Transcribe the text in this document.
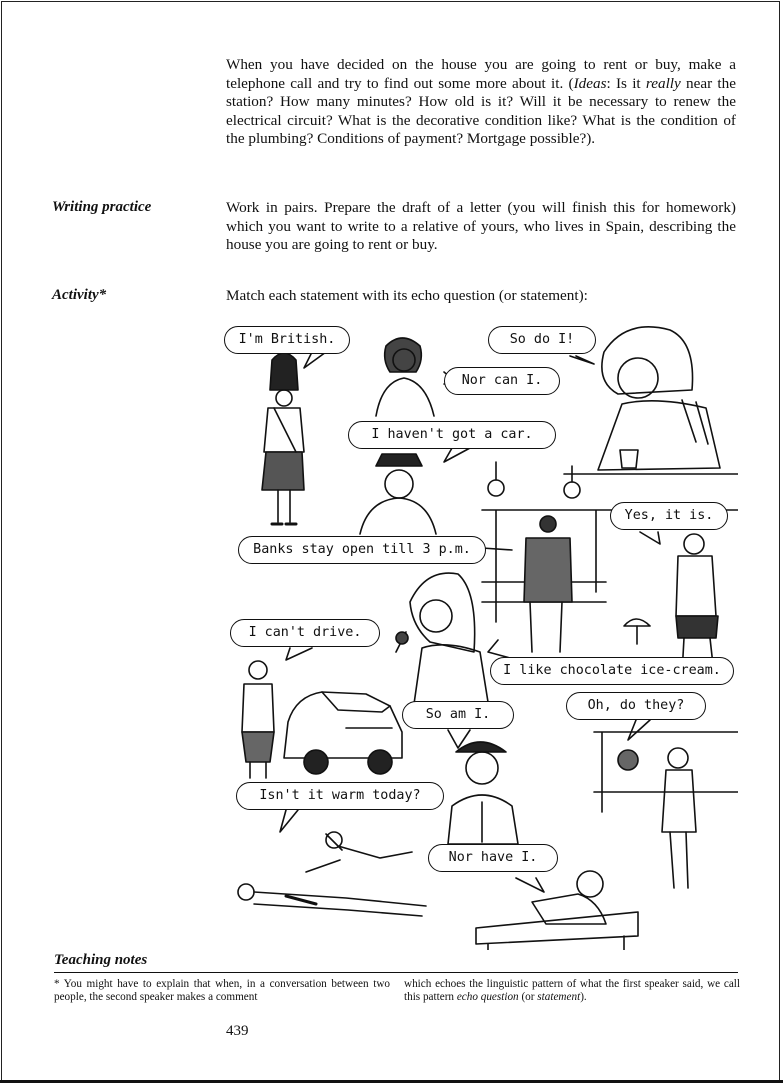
When you have decided on the house you are going to rent or buy, make a telephone call and try to find out some more about it. (Ideas: Is it really near the station? How many minutes? How old is it? Will it be necessary to renew the electrical circuit? What is the decorative condition like? What is the condition of the plumbing? Conditions of payment? Mortgage possible?).

Writing practice	Work in pairs. Prepare the draft of a letter (you will finish this for homework) which you want to write to a relative of yours, who lives in Spain, describing the house you are going to rent or buy.
Activity*	Match each statement with its echo question (or statement):
I'm British.	So do I!
Nor can I.
I haven't got a car.
Yes, it is.
Banks stay open till 3 p.m.
I can't drive.
I like chocolate ice-cream.
So am I.
Oh, do they?
Isn't it warm today?
Nor have I.
Teaching notes
* You might have to explain that when, in a conversation between two people, the second speaker makes a comment
which echoes the linguistic pattern of what the first speaker said, we call this pattern echo question (or statement).
439
